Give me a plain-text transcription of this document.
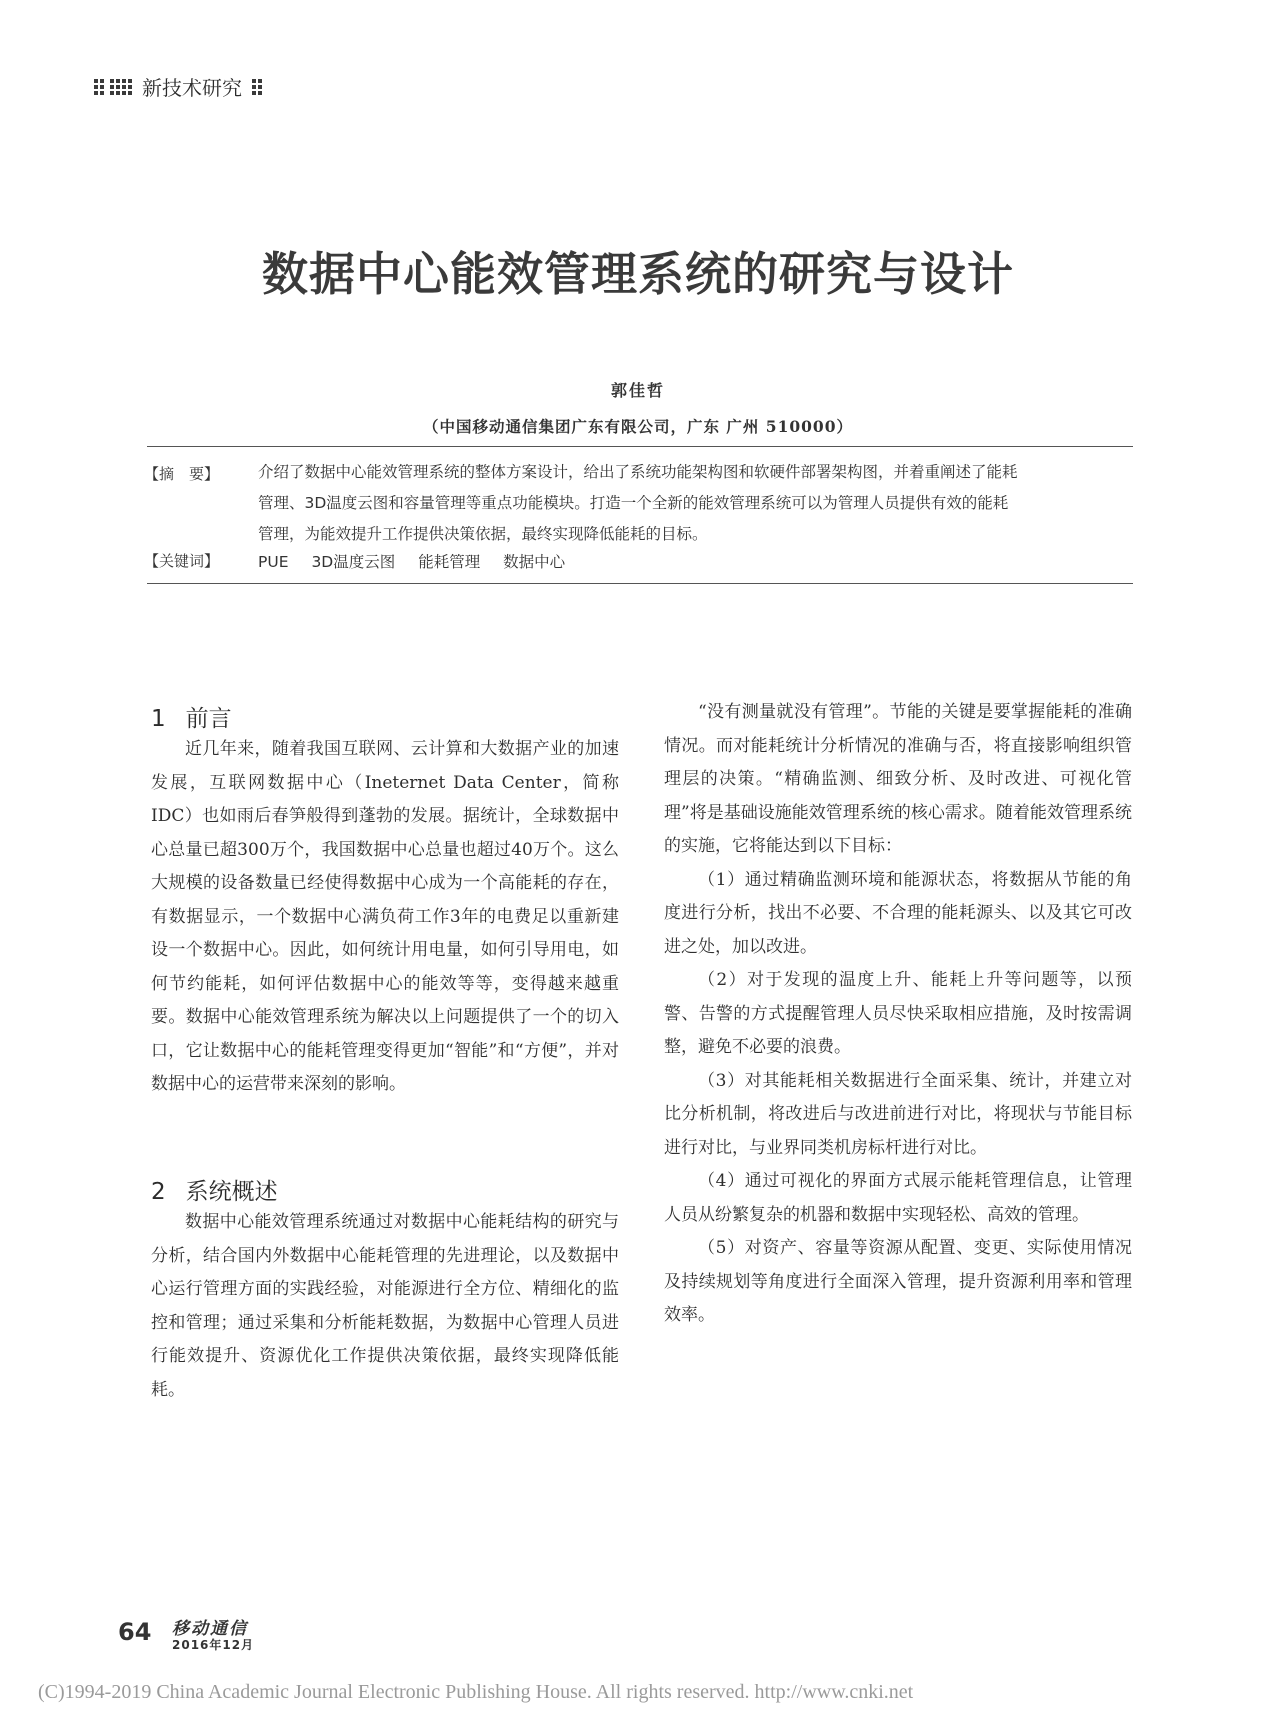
新技术研究
数据中心能效管理系统的研究与设计
郭佳哲
（中国移动通信集团广东有限公司，广东 广州 510000）
【摘　要】	介绍了数据中心能效管理系统的整体方案设计，给出了系统功能架构图和软硬件部署架构图，并着重阐述了能耗
管理、3D温度云图和容量管理等重点功能模块。打造一个全新的能效管理系统可以为管理人员提供有效的能耗
管理，为能效提升工作提供决策依据，最终实现降低能耗的目标。
【关键词】	PUE 3D温度云图 能耗管理 数据中心
1 前言

近几年来，随着我国互联网、云计算和大数据产业的加速发展，互联网数据中心（Ineternet Data Center，简称IDC）也如雨后春笋般得到蓬勃的发展。据统计，全球数据中心总量已超300万个，我国数据中心总量也超过40万个。这么大规模的设备数量已经使得数据中心成为一个高能耗的存在，有数据显示，一个数据中心满负荷工作3年的电费足以重新建设一个数据中心。因此，如何统计用电量，如何引导用电，如何节约能耗，如何评估数据中心的能效等等，变得越来越重要。数据中心能效管理系统为解决以上问题提供了一个的切入口，它让数据中心的能耗管理变得更加“智能”和“方便”，并对数据中心的运营带来深刻的影响。

2 系统概述

数据中心能效管理系统通过对数据中心能耗结构的研究与分析，结合国内外数据中心能耗管理的先进理论，以及数据中心运行管理方面的实践经验，对能源进行全方位、精细化的监控和管理；通过采集和分析能耗数据，为数据中心管理人员进行能效提升、资源优化工作提供决策依据，最终实现降低能耗。

“没有测量就没有管理”。节能的关键是要掌握能耗的准确情况。而对能耗统计分析情况的准确与否，将直接影响组织管理层的决策。“精确监测、细致分析、及时改进、可视化管理”将是基础设施能效管理系统的核心需求。随着能效管理系统的实施，它将能达到以下目标：

（1）通过精确监测环境和能源状态，将数据从节能的角度进行分析，找出不必要、不合理的能耗源头、以及其它可改进之处，加以改进。

（2）对于发现的温度上升、能耗上升等问题等，以预警、告警的方式提醒管理人员尽快采取相应措施，及时按需调整，避免不必要的浪费。

（3）对其能耗相关数据进行全面采集、统计，并建立对比分析机制，将改进后与改进前进行对比，将现状与节能目标进行对比，与业界同类机房标杆进行对比。

（4）通过可视化的界面方式展示能耗管理信息，让管理人员从纷繁复杂的机器和数据中实现轻松、高效的管理。

（5）对资产、容量等资源从配置、变更、实际使用情况及持续规划等角度进行全面深入管理，提升资源利用率和管理效率。

64 移动通信
2016年12月
(C)1994-2019 China Academic Journal Electronic Publishing House. All rights reserved. http://www.cnki.net
